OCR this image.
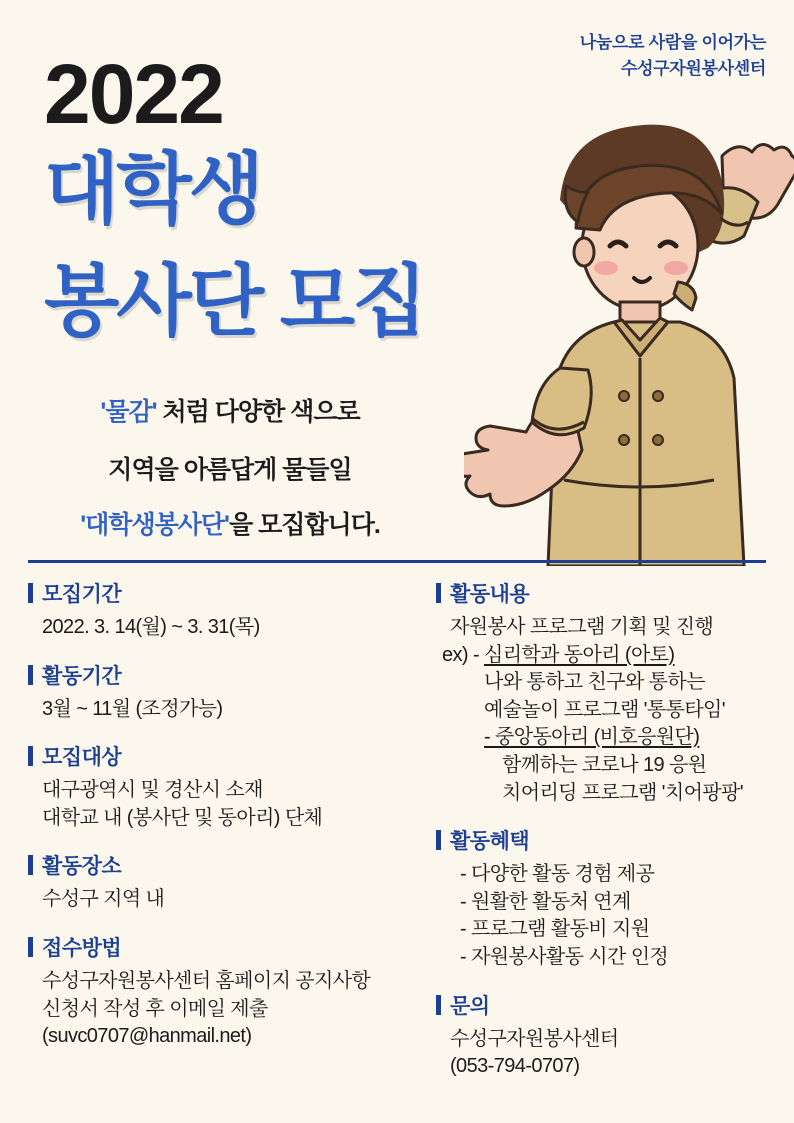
나눔으로 사람을 이어가는
수성구자원봉사센터
2022
대학생
봉사단 모집
'물감' 처럼 다양한 색으로
지역을 아름답게 물들일
'대학생봉사단'을 모집합니다.
모집기간
2022. 3. 14(월) ~ 3. 31(목)
활동기간
3월 ~ 11월 (조정가능)
모집대상
대구광역시 및 경산시 소재
대학교 내 (봉사단 및 동아리) 단체
활동장소
수성구 지역 내
접수방법
수성구자원봉사센터 홈페이지 공지사항
신청서 작성 후 이메일 제출
(suvc0707@hanmail.net)
활동내용
자원봉사 프로그램 기획 및 진행
ex) - 심리학과 동아리 (아토)
나와 통하고 친구와 통하는
예술놀이 프로그램 '통통타임'
- 중앙동아리 (비호응원단)
함께하는 코로나 19 응원
치어리딩 프로그램 '치어팡팡'
활동혜택
- 다양한 활동 경험 제공
- 원활한 활동처 연계
- 프로그램 활동비 지원
- 자원봉사활동 시간 인정
문의
수성구자원봉사센터
(053-794-0707)
